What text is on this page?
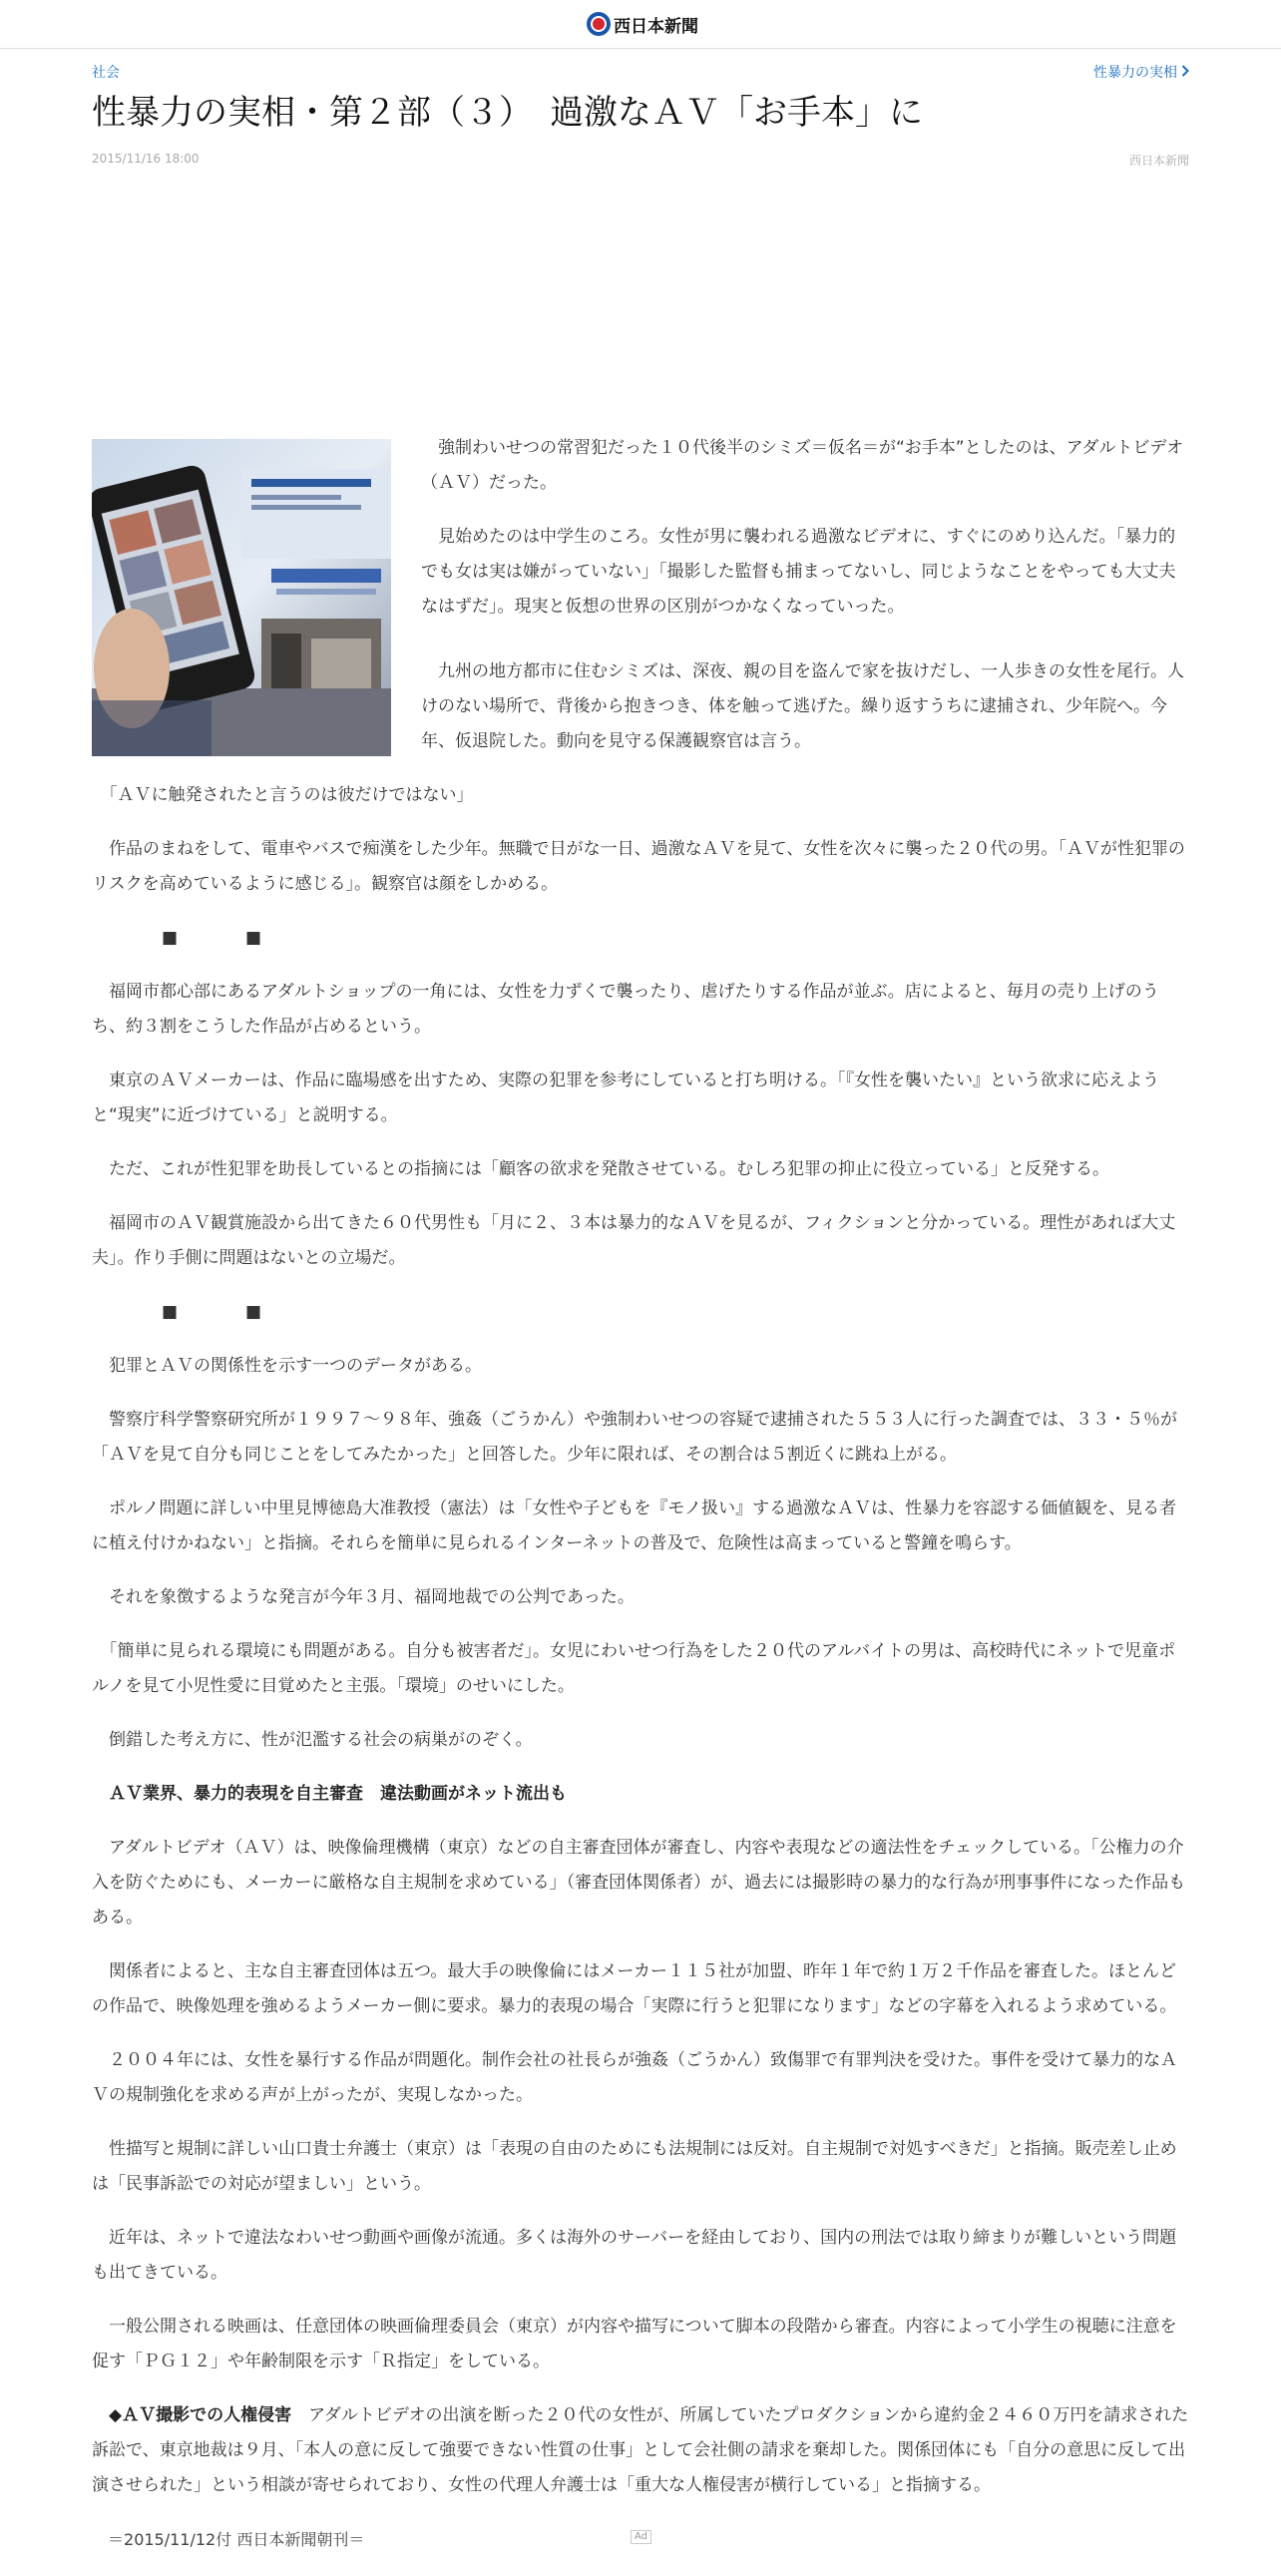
西日本新聞
社会	性暴力の実相
性暴力の実相・第２部（３）　過激なＡＶ「お手本」に
2015/11/16 18:00	西日本新聞

　強制わいせつの常習犯だった１０代後半のシミズ＝仮名＝が“お手本”としたのは、アダルトビデオ（ＡＶ）だった。

　見始めたのは中学生のころ。女性が男に襲われる過激なビデオに、すぐにのめり込んだ。「暴力的でも女は実は嫌がっていない」「撮影した監督も捕まってないし、同じようなことをやっても大丈夫なはずだ」。現実と仮想の世界の区別がつかなくなっていった。

　九州の地方都市に住むシミズは、深夜、親の目を盗んで家を抜けだし、一人歩きの女性を尾行。人けのない場所で、背後から抱きつき、体を触って逃げた。繰り返すうちに逮捕され、少年院へ。今年、仮退院した。動向を見守る保護観察官は言う。

　「ＡＶに触発されたと言うのは彼だけではない」

　作品のまねをして、電車やバスで痴漢をした少年。無職で日がな一日、過激なＡＶを見て、女性を次々に襲った２０代の男。「ＡＶが性犯罪のリスクを高めているように感じる」。観察官は顔をしかめる。

■	■

　福岡市都心部にあるアダルトショップの一角には、女性を力ずくで襲ったり、虐げたりする作品が並ぶ。店によると、毎月の売り上げのうち、約３割をこうした作品が占めるという。

　東京のＡＶメーカーは、作品に臨場感を出すため、実際の犯罪を参考にしていると打ち明ける。「『女性を襲いたい』という欲求に応えようと“現実”に近づけている」と説明する。

　ただ、これが性犯罪を助長しているとの指摘には「顧客の欲求を発散させている。むしろ犯罪の抑止に役立っている」と反発する。

　福岡市のＡＶ観賞施設から出てきた６０代男性も「月に２、３本は暴力的なＡＶを見るが、フィクションと分かっている。理性があれば大丈夫」。作り手側に問題はないとの立場だ。

■	■

　犯罪とＡＶの関係性を示す一つのデータがある。

　警察庁科学警察研究所が１９９７～９８年、強姦（ごうかん）や強制わいせつの容疑で逮捕された５５３人に行った調査では、３３・５％が「ＡＶを見て自分も同じことをしてみたかった」と回答した。少年に限れば、その割合は５割近くに跳ね上がる。

　ポルノ問題に詳しい中里見博徳島大准教授（憲法）は「女性や子どもを『モノ扱い』する過激なＡＶは、性暴力を容認する価値観を、見る者に植え付けかねない」と指摘。それらを簡単に見られるインターネットの普及で、危険性は高まっていると警鐘を鳴らす。

　それを象徴するような発言が今年３月、福岡地裁での公判であった。

　「簡単に見られる環境にも問題がある。自分も被害者だ」。女児にわいせつ行為をした２０代のアルバイトの男は、高校時代にネットで児童ポルノを見て小児性愛に目覚めたと主張。「環境」のせいにした。

　倒錯した考え方に、性が氾濫する社会の病巣がのぞく。

　ＡＶ業界、暴力的表現を自主審査　違法動画がネット流出も

　アダルトビデオ（ＡＶ）は、映像倫理機構（東京）などの自主審査団体が審査し、内容や表現などの適法性をチェックしている。「公権力の介入を防ぐためにも、メーカーに厳格な自主規制を求めている」（審査団体関係者）が、過去には撮影時の暴力的な行為が刑事事件になった作品もある。

　関係者によると、主な自主審査団体は五つ。最大手の映像倫にはメーカー１１５社が加盟、昨年１年で約１万２千作品を審査した。ほとんどの作品で、映像処理を強めるようメーカー側に要求。暴力的表現の場合「実際に行うと犯罪になります」などの字幕を入れるよう求めている。

　２００４年には、女性を暴行する作品が問題化。制作会社の社長らが強姦（ごうかん）致傷罪で有罪判決を受けた。事件を受けて暴力的なＡＶの規制強化を求める声が上がったが、実現しなかった。

　性描写と規制に詳しい山口貴士弁護士（東京）は「表現の自由のためにも法規制には反対。自主規制で対処すべきだ」と指摘。販売差し止めは「民事訴訟での対応が望ましい」という。

　近年は、ネットで違法なわいせつ動画や画像が流通。多くは海外のサーバーを経由しており、国内の刑法では取り締まりが難しいという問題も出てきている。

　一般公開される映画は、任意団体の映画倫理委員会（東京）が内容や描写について脚本の段階から審査。内容によって小学生の視聴に注意を促す「ＰＧ１２」や年齢制限を示す「Ｒ指定」をしている。

　◆ＡＶ撮影での人権侵害　 アダルトビデオの出演を断った２０代の女性が、所属していたプロダクションから違約金２４６０万円を請求された訴訟で、東京地裁は９月、「本人の意に反して強要できない性質の仕事」として会社側の請求を棄却した。関係団体にも「自分の意思に反して出演させられた」という相談が寄せられており、女性の代理人弁護士は「重大な人権侵害が横行している」と指摘する。

　＝2015/11/12付 西日本新聞朝刊＝	Ad
